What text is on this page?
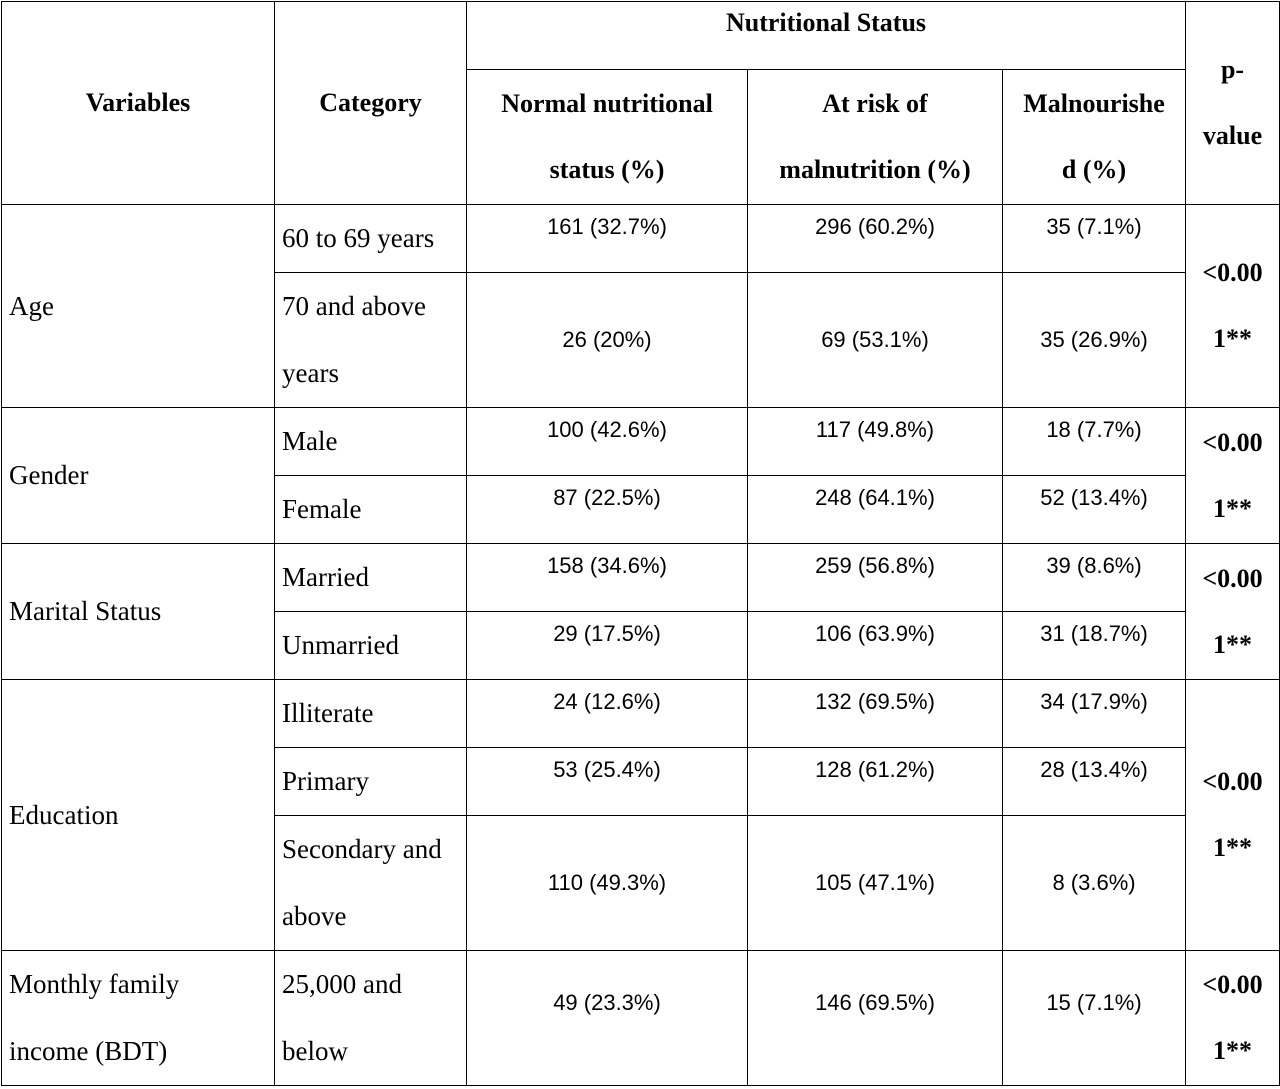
Variables	Category	Nutritional Status			p-
value

		Normal nutritional
status (%)	At risk of
malnutrition (%)	Malnourishe
d (%)	

Age	60 to 69 years	161 (32.7%)	296 (60.2%)	35 (7.1%)	<0.00
1**

	70 and above
years	26 (20%)	69 (53.1%)	35 (26.9%)	
Gender	Male	100 (42.6%)	117 (49.8%)	18 (7.7%)	<0.00
1**

	Female	87 (22.5%)	248 (64.1%)	52 (13.4%)	
Marital Status	Married	158 (34.6%)	259 (56.8%)	39 (8.6%)	<0.00
1**

	Unmarried	29 (17.5%)	106 (63.9%)	31 (18.7%)	
Education	Illiterate	24 (12.6%)	132 (69.5%)	34 (17.9%)	<0.00
1**

	Primary	53 (25.4%)	128 (61.2%)	28 (13.4%)	

	Secondary and
above	110 (49.3%)	105 (47.1%)	8 (3.6%)	

Monthly family
income (BDT)	25,000 and
below	49 (23.3%)	146 (69.5%)	15 (7.1%)	<0.00
1**
